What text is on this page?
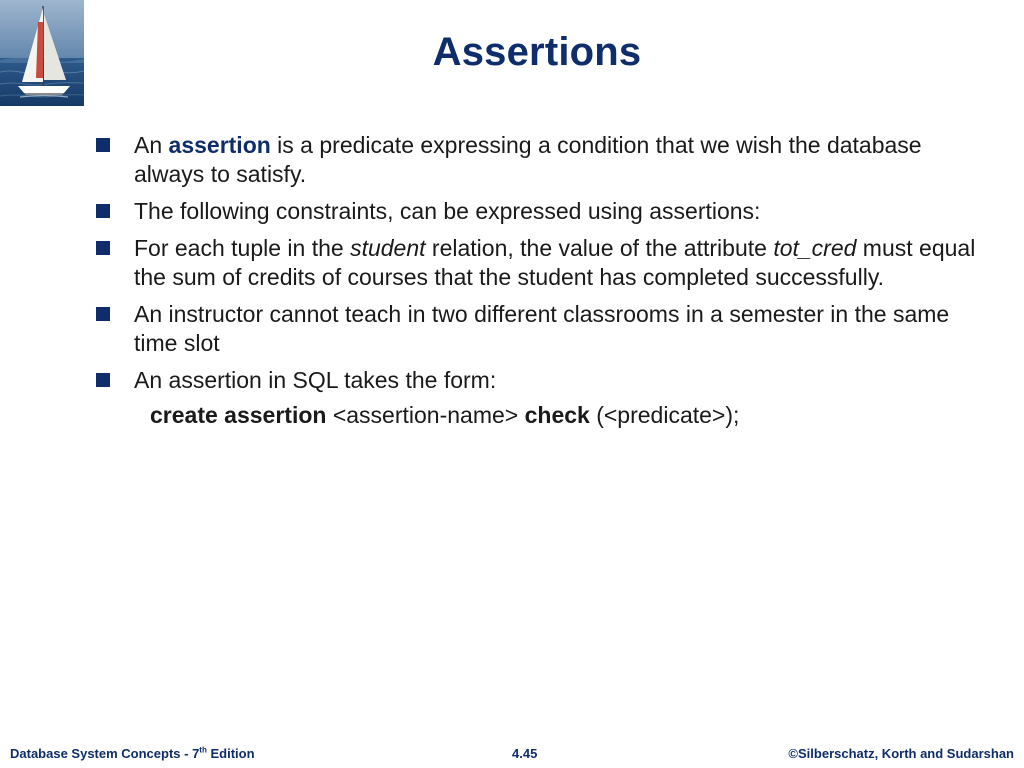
Assertions
An assertion is a predicate expressing a condition that we wish the database always to satisfy.
The following constraints, can be expressed using assertions:
For each tuple in the student relation, the value of the attribute tot_cred must equal the sum of credits of courses that the student has completed successfully.
An instructor cannot teach in two different classrooms in a semester in the same time slot
An assertion in SQL takes the form:
create assertion <assertion-name> check (<predicate>);
Database System Concepts - 7th Edition	4.45	©Silberschatz, Korth and Sudarshan
